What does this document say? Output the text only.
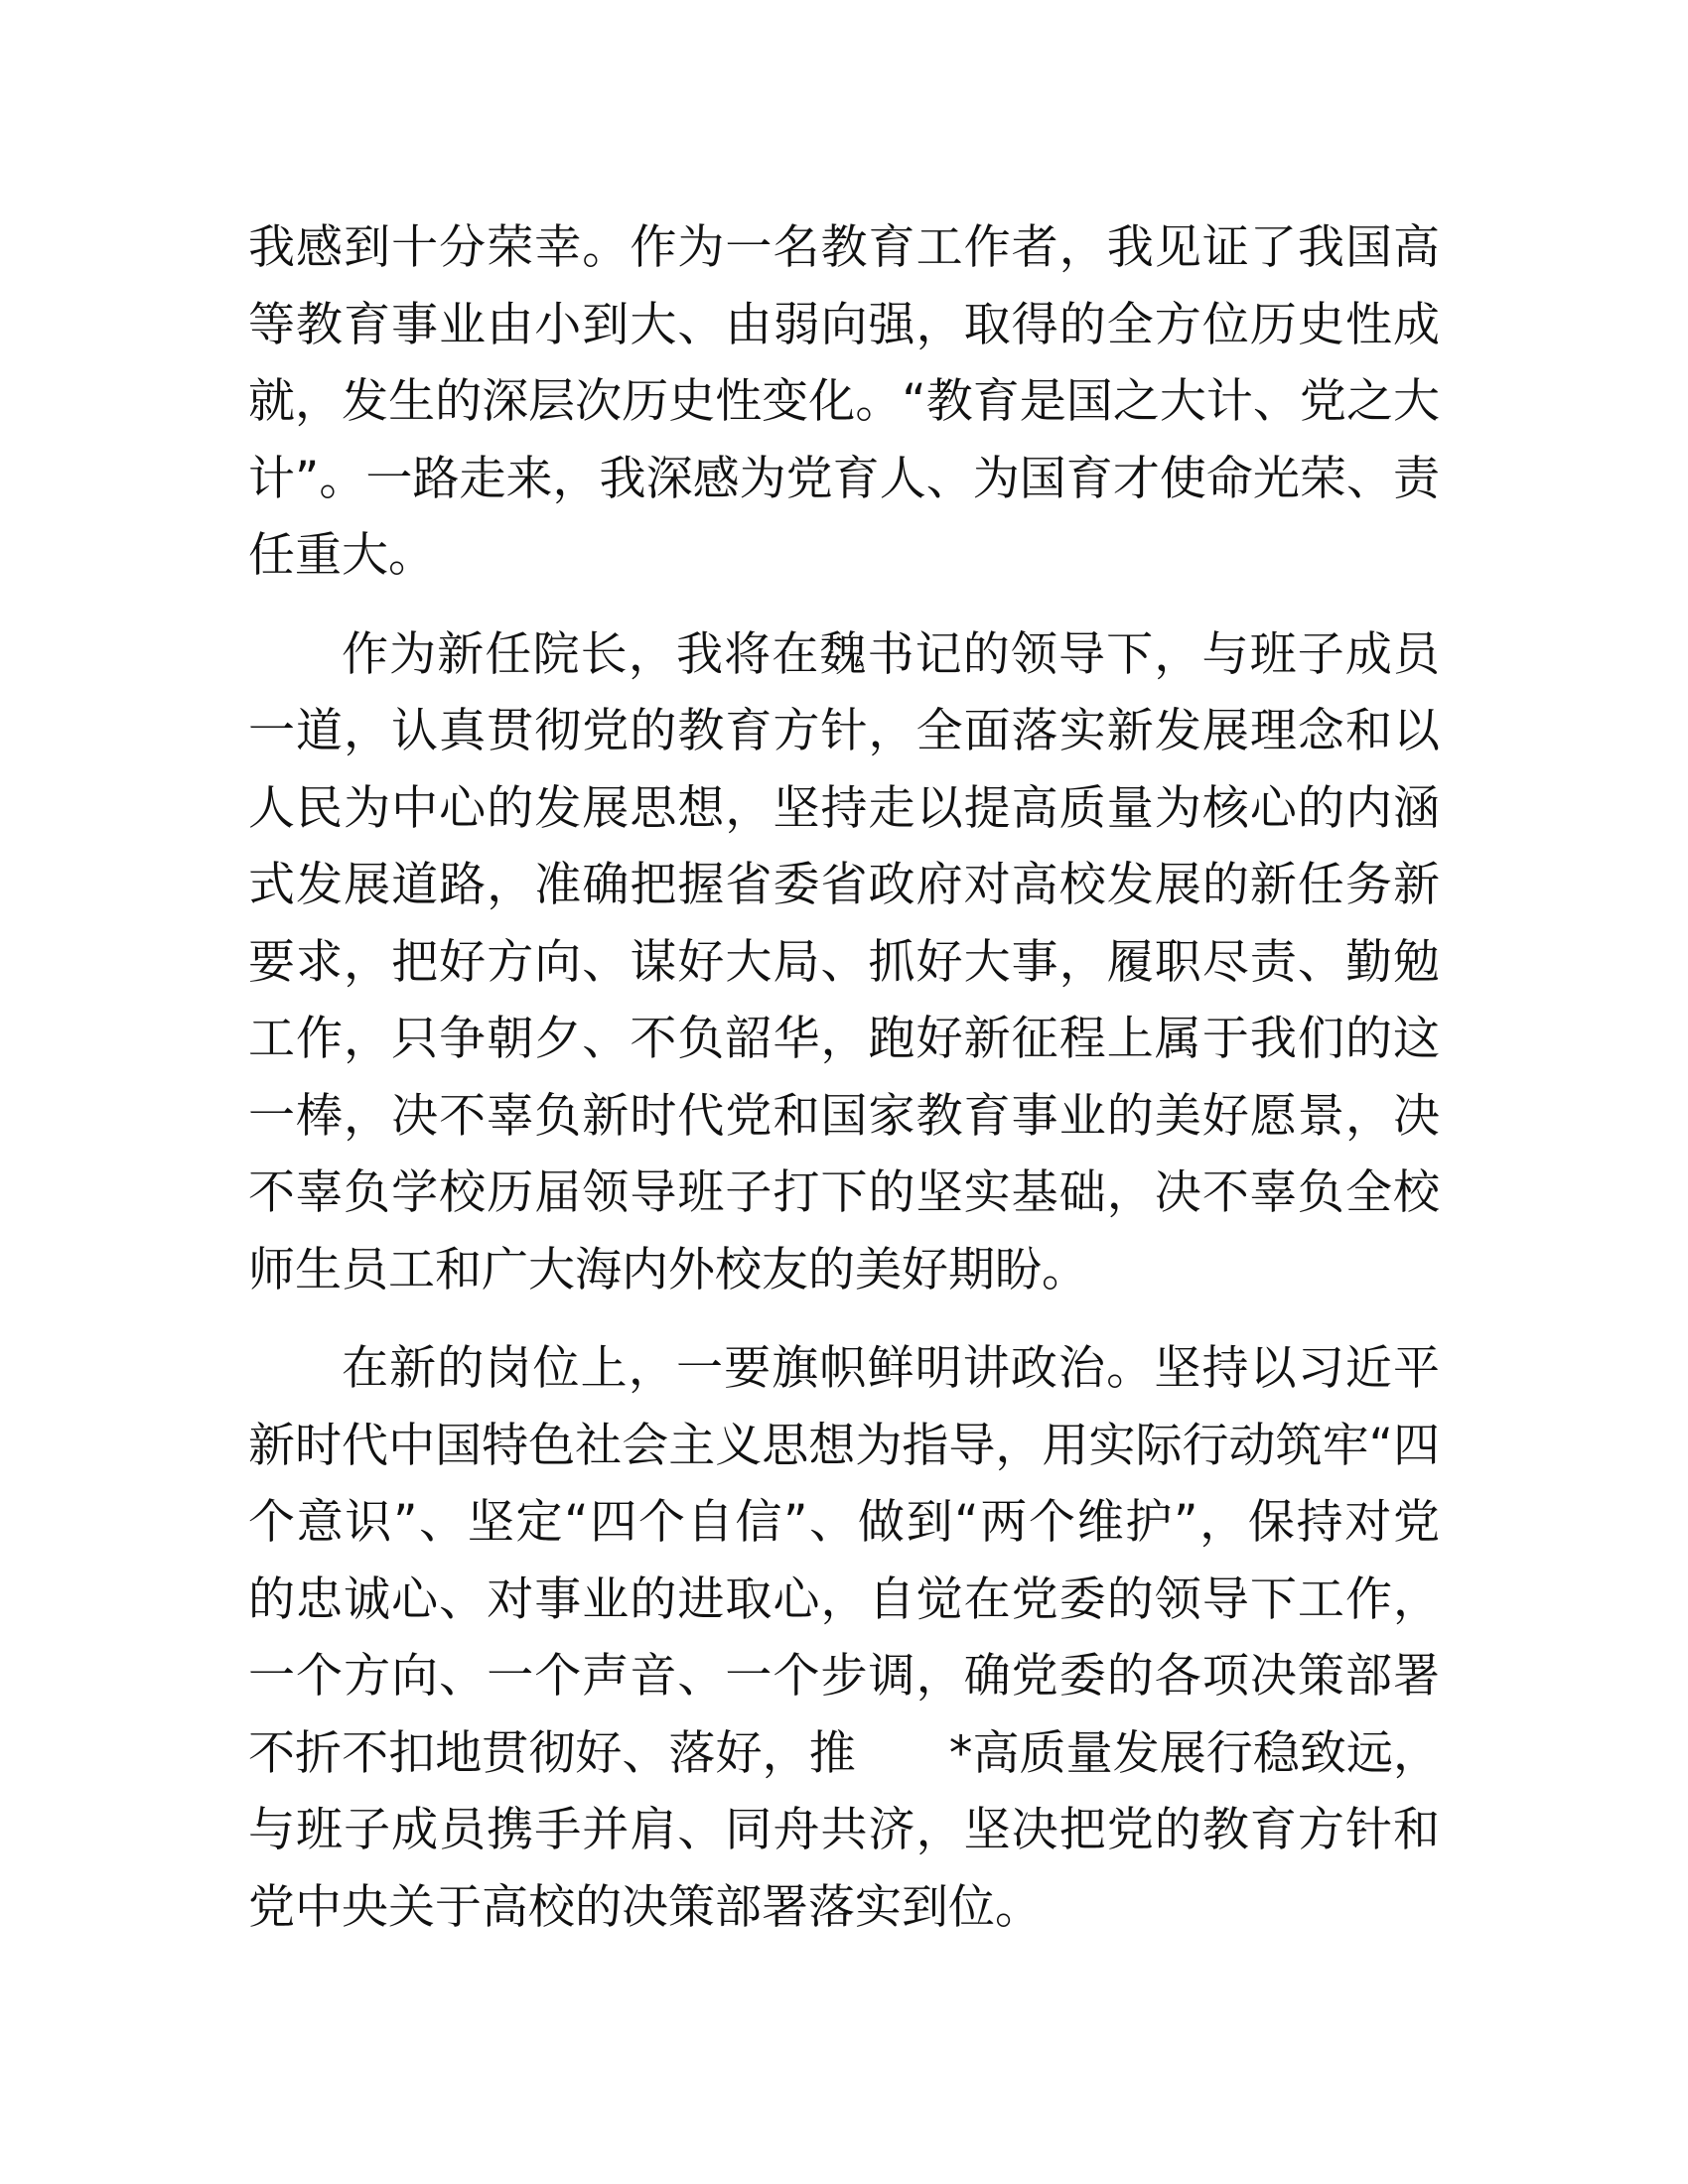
我感到十分荣幸。作为一名教育工作者，我见证了我国高等教育事业由小到大、由弱向强，取得的全方位历史性成就，发生的深层次历史性变化。“教育是国之大计、党之大计”。一路走来，我深感为党育人、为国育才使命光荣、责任重大。

作为新任院长，我将在魏书记的领导下，与班子成员一道，认真贯彻党的教育方针，全面落实新发展理念和以人民为中心的发展思想，坚持走以提高质量为核心的内涵式发展道路，准确把握省委省政府对高校发展的新任务新要求，把好方向、谋好大局、抓好大事，履职尽责、勤勉工作，只争朝夕、不负韶华，跑好新征程上属于我们的这一棒，决不辜负新时代党和国家教育事业的美好愿景，决不辜负学校历届领导班子打下的坚实基础，决不辜负全校师生员工和广大海内外校友的美好期盼。

在新的岗位上，一要旗帜鲜明讲政治。坚持以习近平新时代中国特色社会主义思想为指导，用实际行动筑牢“四个意识”、坚定“四个自信”、做到“两个维护”，保持对党的忠诚心、对事业的进取心，自觉在党委的领导下工作，一个方向、一个声音、一个步调，确党委的各项决策部署不折不扣地贯彻好、落好，推　　*高质量发展行稳致远，与班子成员携手并肩、同舟共济，坚决把党的教育方针和党中央关于高校的决策部署落实到位。
